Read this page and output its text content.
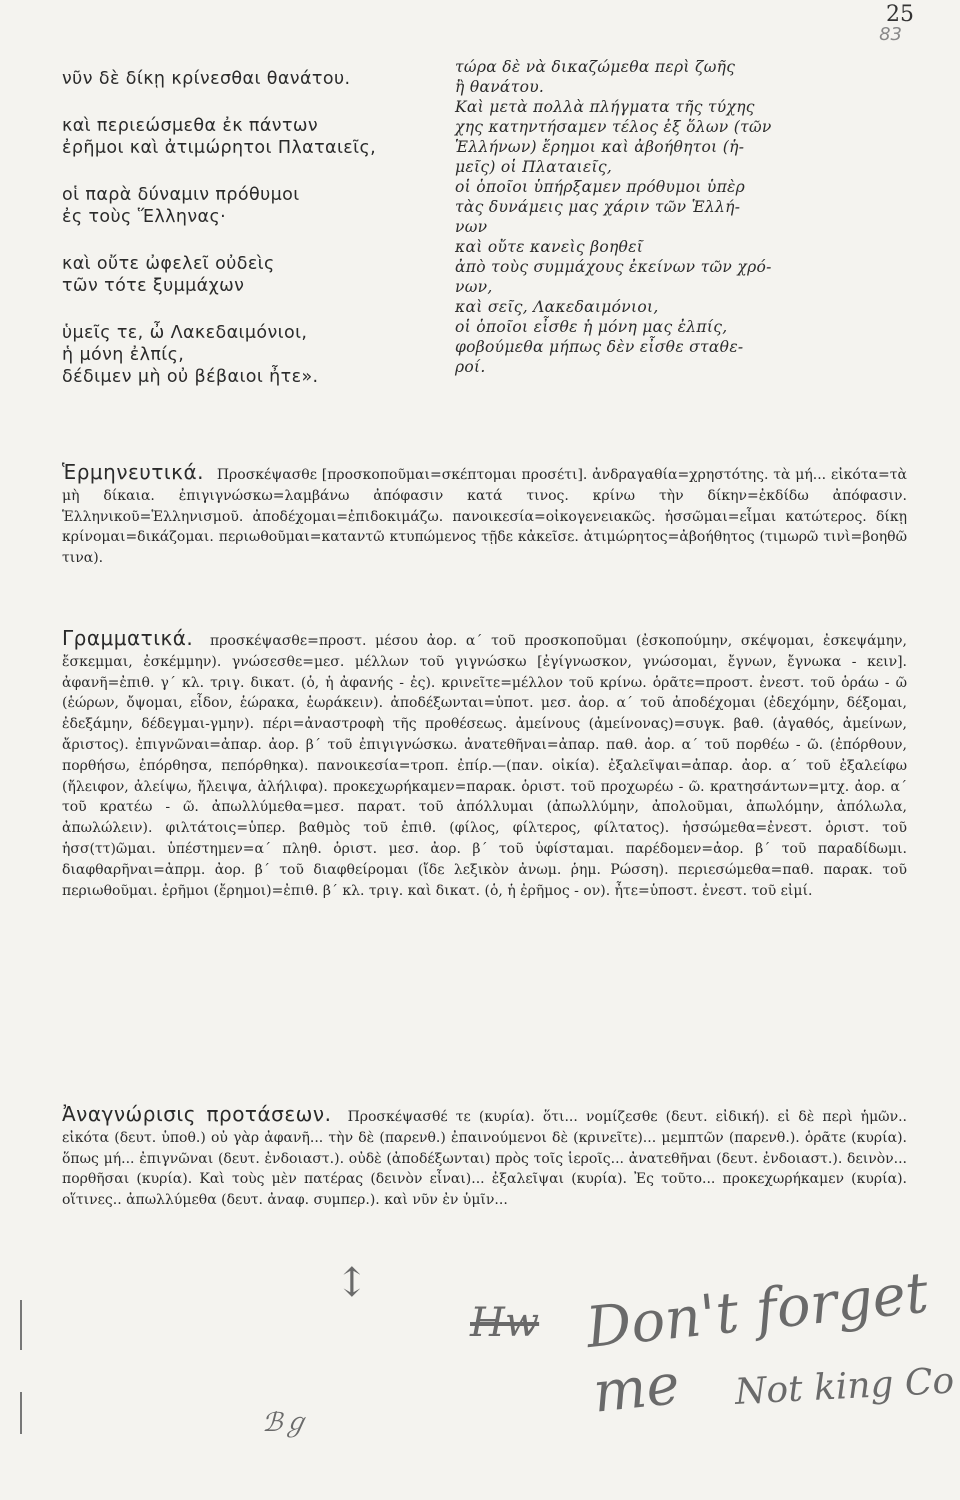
25
83
νῦν δὲ δίκῃ κρίνεσθαι θανάτου.
καὶ περιεώσμεθα ἐκ πάντων
ἐρῆμοι καὶ ἀτιμώρητοι Πλαταιεῖς,
οἱ παρὰ δύναμιν πρόθυμοι
ἐς τοὺς Ἕλληνας·
καὶ οὔτε ὠφελεῖ οὐδεὶς
τῶν τότε ξυμμάχων
ὑμεῖς τε, ὦ Λακεδαιμόνιοι,
ἡ μόνη ἐλπίς,
δέδιμεν μὴ οὐ βέβαιοι ἦτε».
τώρα δὲ νὰ δικαζώμεθα περὶ ζωῆς
ἢ θανάτου.
Καὶ μετὰ πολλὰ πλήγματα τῆς τύχης
χης κατηντήσαμεν τέλος ἐξ ὅλων (τῶν
Ἑλλήνων) ἔρημοι καὶ ἀβοήθητοι (ἡ-
μεῖς) οἱ Πλαταιεῖς,
οἱ ὁποῖοι ὑπήρξαμεν πρόθυμοι ὑπὲρ
τὰς δυνάμεις μας χάριν τῶν Ἑλλή-
νων
καὶ οὔτε κανεὶς βοηθεῖ
ἀπὸ τοὺς συμμάχους ἐκείνων τῶν χρό-
νων,
καὶ σεῖς, Λακεδαιμόνιοι,
οἱ ὁποῖοι εἶσθε ἡ μόνη μας ἐλπίς,
φοβούμεθα μήπως δὲν εἶσθε σταθε-
ροί.
Ἑρμηνευτικά. Προσκέψασθε [προσκοποῦμαι=σκέπτομαι προσέτι]. ἀνδραγαθία=χρηστότης. τὰ μή... εἰκότα=τὰ μὴ δίκαια. ἐπιγιγνώσκω=λαμβάνω ἀπόφασιν κατά τινος. κρίνω τὴν δίκην=ἐκδίδω ἀπόφασιν. Ἑλληνικοῦ=Ἑλληνισμοῦ. ἀποδέχομαι=ἐπιδοκιμάζω. πανοικεσία=οἰκογενειακῶς. ἡσσῶμαι=εἶμαι κατώτερος. δίκῃ κρίνομαι=δικάζομαι. περιωθοῦμαι=καταντῶ κτυπώμενος τῇδε κἀκεῖσε. ἀτιμώρητος=ἀβοήθητος (τιμωρῶ τινὶ=βοηθῶ τινα).
Γραμματικά. προσκέψασθε=προστ. μέσου ἀορ. α΄ τοῦ προσκοποῦμαι (ἐσκοπούμην, σκέψομαι, ἐσκεψάμην, ἔσκεμμαι, ἐσκέμμην). γνώσεσθε=μεσ. μέλλων τοῦ γιγνώσκω [ἐγίγνωσκον, γνώσομαι, ἔγνων, ἔγνωκα - κειν]. ἀφανῆ=ἐπιθ. γ΄ κλ. τριγ. δικατ. (ὁ, ἡ ἀφανής - ἐς). κρινεῖτε=μέλλον τοῦ κρίνω. ὁρᾶτε=προστ. ἐνεστ. τοῦ ὁράω - ῶ (ἑώρων, ὄψομαι, εἶδον, ἑώρακα, ἑωράκειν). ἀποδέξωνται=ὑποτ. μεσ. ἀορ. α΄ τοῦ ἀποδέχομαι (ἐδεχόμην, δέξομαι, ἐδεξάμην, δέδεγμαι-γμην). πέρι=ἀναστροφὴ τῆς προθέσεως. ἀμείνους (ἀμείνονας)=συγκ. βαθ. (ἀγαθός, ἀμείνων, ἄριστος). ἐπιγνῶναι=ἀπαρ. ἀορ. β΄ τοῦ ἐπιγιγνώσκω. ἀνατεθῆναι=ἀπαρ. παθ. ἀορ. α΄ τοῦ πορθέω - ῶ. (ἐπόρθουν, πορθήσω, ἐπόρθησα, πεπόρθηκα). πανοικεσία=τροπ. ἐπίρ.—(παν. οἰκία). ἐξαλεῖψαι=ἀπαρ. ἀορ. α΄ τοῦ ἐξαλείφω (ἤλειφον, ἀλείψω, ἤλειψα, ἀλήλιφα). προκεχωρήκαμεν=παρακ. ὁριστ. τοῦ προχωρέω - ῶ. κρατησάντων=μτχ. ἀορ. α΄ τοῦ κρατέω - ῶ. ἀπωλλύμεθα=μεσ. παρατ. τοῦ ἀπόλλυμαι (ἀπωλλύμην, ἀπολοῦμαι, ἀπωλόμην, ἀπόλωλα, ἀπωλώλειν). φιλτάτοις=ὑπερ. βαθμὸς τοῦ ἐπιθ. (φίλος, φίλτερος, φίλτατος). ἡσσώμεθα=ἐνεστ. ὁριστ. τοῦ ἡσσ(ττ)ῶμαι. ὑπέστημεν=α΄ πληθ. ὁριστ. μεσ. ἀορ. β΄ τοῦ ὑφίσταμαι. παρέδομεν=ἀορ. β΄ τοῦ παραδίδωμι. διαφθαρῆναι=ἀπρμ. ἀορ. β΄ τοῦ διαφθείρομαι (ἴδε λεξικὸν ἀνωμ. ῥημ. Ρώσση). περιεσώμεθα=παθ. παρακ. τοῦ περιωθοῦμαι. ἐρῆμοι (ἔρημοι)=ἐπιθ. β΄ κλ. τριγ. καὶ δικατ. (ὁ, ἡ ἐρῆμος - ον). ἦτε=ὑποστ. ἐνεστ. τοῦ εἰμί.
Ἀναγνώρισις προτάσεων. Προσκέψασθέ τε (κυρία). ὅτι... νομίζεσθε (δευτ. εἰδική). εἰ δὲ περὶ ἡμῶν.. εἰκότα (δευτ. ὑποθ.) οὐ γὰρ ἀφανῆ... τὴν δὲ (παρενθ.) ἐπαινούμενοι δὲ (κρινεῖτε)... μεμπτῶν (παρενθ.). ὁρᾶτε (κυρία). ὅπως μή... ἐπιγνῶναι (δευτ. ἐνδοιαστ.). οὐδὲ (ἀποδέξωνται) πρὸς τοῖς ἱεροῖς... ἀνατεθῆναι (δευτ. ἐνδοιαστ.). δεινὸν... πορθῆσαι (κυρία). Καὶ τοὺς μὲν πατέρας (δεινὸν εἶναι)... ἐξαλεῖψαι (κυρία). Ἐς τοῦτο... προκεχωρήκαμεν (κυρία). οἵτινες.. ἀπωλλύμεθα (δευτ. ἀναφ. συμπερ.). καὶ νῦν ἐν ὑμῖν...
↕
Hw Don't forget me	Not king Co
ℬℊ
